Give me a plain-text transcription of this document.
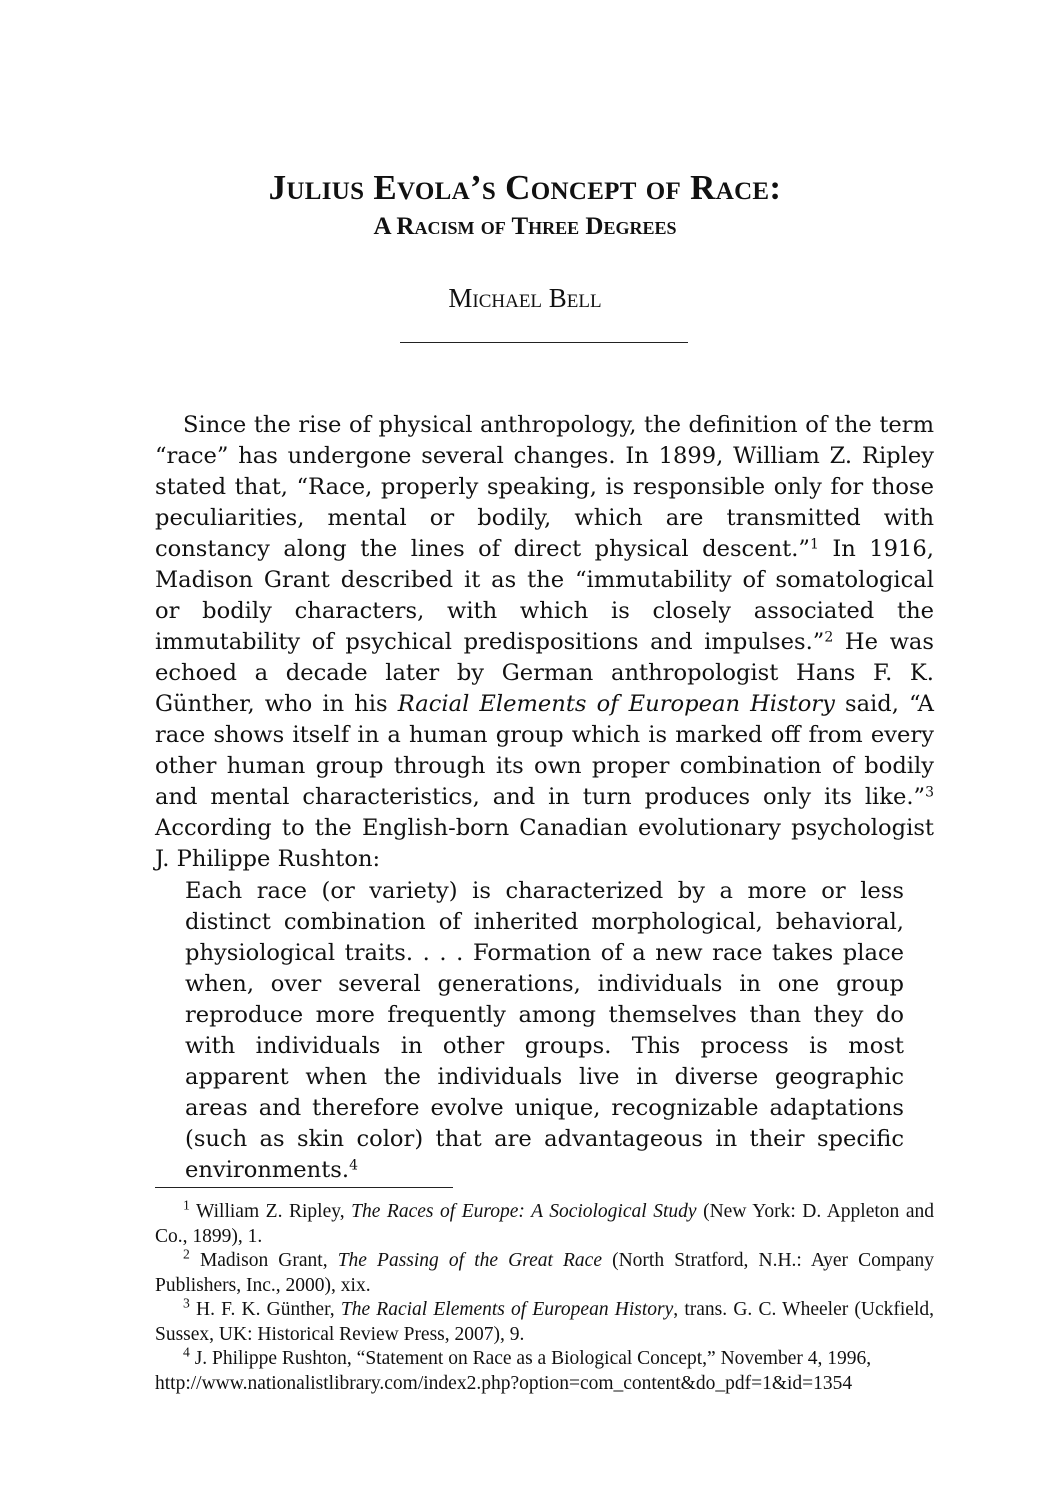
Julius Evola’s Concept of Race:
A Racism of Three Degrees
Michael Bell

Since the rise of physical anthropology, the definition of the term “race” has undergone several changes. In 1899, William Z. Ripley stated that, “Race, properly speaking, is responsible only for those peculiarities, mental or bodily, which are transmitted with constancy along the lines of direct physical descent.”$^1$ In 1916, Madison Grant described it as the “immutability of somatological or bodily characters, with which is closely associated the immutability of psychical predispositions and impulses.”$^2$ He was echoed a decade later by German anthropologist Hans F. K. Günther, who in his Racial Elements of European History said, “A race shows itself in a human group which is marked off from every other human group through its own proper combination of bodily and mental characteristics, and in turn produces only its like.”$^3$ According to the English-born Canadian evolutionary psychologist J. Philippe Rushton:

Each race (or variety) is characterized by a more or less distinct combination of inherited morphological, behavioral, physiological traits. . . . Formation of a new race takes place when, over several generations, individuals in one group reproduce more frequently among themselves than they do with individuals in other groups. This process is most apparent when the individuals live in diverse geographic areas and therefore evolve unique, recognizable adaptations (such as skin color) that are advantageous in their specific environments.$^4$

$^1$ William Z. Ripley, The Races of Europe: A Sociological Study (New York: D. Appleton and Co., 1899), 1.

$^2$ Madison Grant, The Passing of the Great Race (North Stratford, N.H.: Ayer Company Publishers, Inc., 2000), xix.

$^3$ H. F. K. Günther, The Racial Elements of European History, trans. G. C. Wheeler (Uckfield, Sussex, UK: Historical Review Press, 2007), 9.

$^4$ J. Philippe Rushton, “Statement on Race as a Biological Concept,” November 4, 1996,

http://www.nationalistlibrary.com/index2.php?option=com_content&do_pdf=1&id=1354
